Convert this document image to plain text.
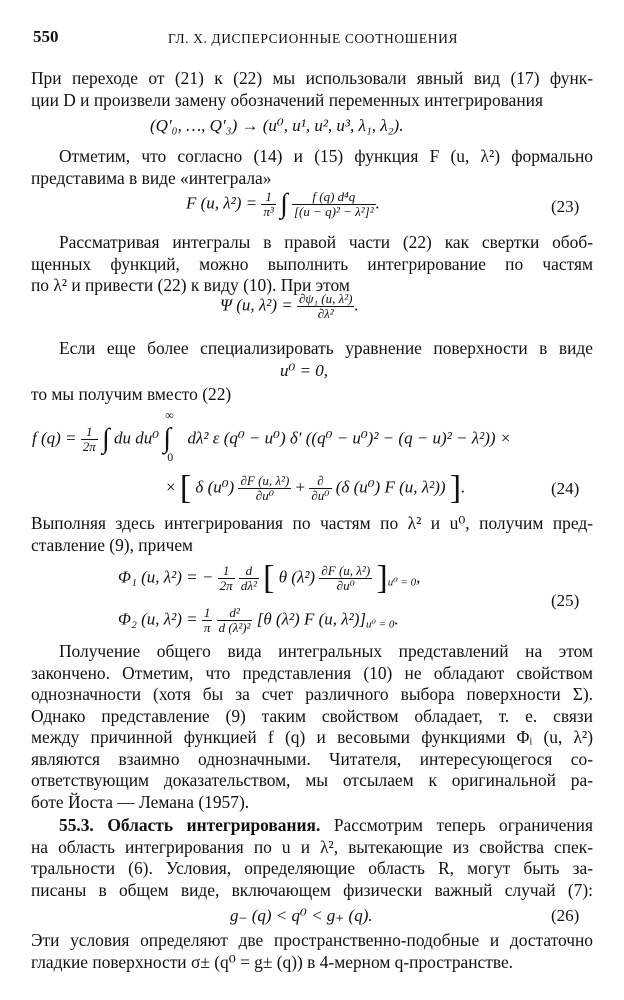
550	ГЛ. X. ДИСПЕРСИОННЫЕ СООТНОШЕНИЯ

При переходе от (21) к (22) мы использовали явный вид (17) функ-
ции D и произвели замену обозначений переменных интегрирования

(Q′₀, …, Q′₃) → (u⁰, u¹, u², u³, λ₁, λ₂).

Отметим, что согласно (14) и (15) функция F (u, λ²) формально
представима в виде «интеграла»

F (u, $\lambda^2) = \frac{1}{\text{π³}}$ ∫ $\frac{\text{f (q) d⁴q}}{\text{[(u − q)² − λ²]²}}$ .	(23)

Рассматривая интегралы в правой части (22) как свертки обоб-
щенных функций, можно выполнить интегрирование по частям
по λ² и привести (22) к виду (10). При этом

Ψ (u, $\lambda^2) = \frac{\text{∂ψ₁ (u, λ²)}}{\text{∂λ²}}$ .

Если еще более специализировать уравнение поверхности в виде

u⁰ = 0,

то мы получим вместо (22)

f $(q) = \frac{1}{2\pi}$ ∫ du du⁰
∞
∫
0
dλ² ε (q⁰ − u⁰) δ′ ((q⁰ − u⁰)² − (q − u)² − λ²)) ×
× [ δ $(u^0) \frac{\text{∂F (u, λ²)}}{\text{∂u⁰}} + \frac{\partial}{\text{∂u⁰}} (\delta$ (u⁰) F (u, λ²)) ].	(24)

Выполняя здесь интегрирования по частям по λ² и u⁰, получим пред-
ставление (9), причем

Φ₁ (u, λ²) = − $\frac{1}{2\pi}$
$\frac{d}{\text{dλ²}}$ [ θ $(\lambda^2) \frac{\text{∂F (u, λ²)}}{\text{∂u⁰}} ]_{u^0 = 0}$,
Φ₂ (u, $\lambda^2) = \frac{1}{\pi}$
$\frac{\text{d²}}{\text{d (λ²)²}} [\theta$ (λ²) F (u, $\lambda^2)]_{u^0 = 0}$.
(25)

Получение общего вида интегральных представлений на этом
закончено. Отметим, что представления (10) не обладают свойством
однозначности (хотя бы за счет различного выбора поверхности Σ).
Однако представление (9) таким свойством обладает, т. е. связи
между причинной функцией f (q) и весовыми функциями Φᵢ (u, λ²)
являются взаимно однозначными. Читателя, интересующегося со-
ответствующим доказательством, мы отсылаем к оригинальной ра-
боте Йоста — Лемана (1957).

55.3. Область интегрирования. Рассмотрим теперь ограничения
на область интегрирования по u и λ², вытекающие из свойства спек-
тральности (6). Условия, определяющие область R, могут быть за-
писаны в общем виде, включающем физически важный случай (7):

g₋ (q) < q⁰ < g₊ (q).	(26)

Эти условия определяют две пространственно-подобные и достаточно
гладкие поверхности σ± (q⁰ = g± (q)) в 4-мерном q-пространстве.
